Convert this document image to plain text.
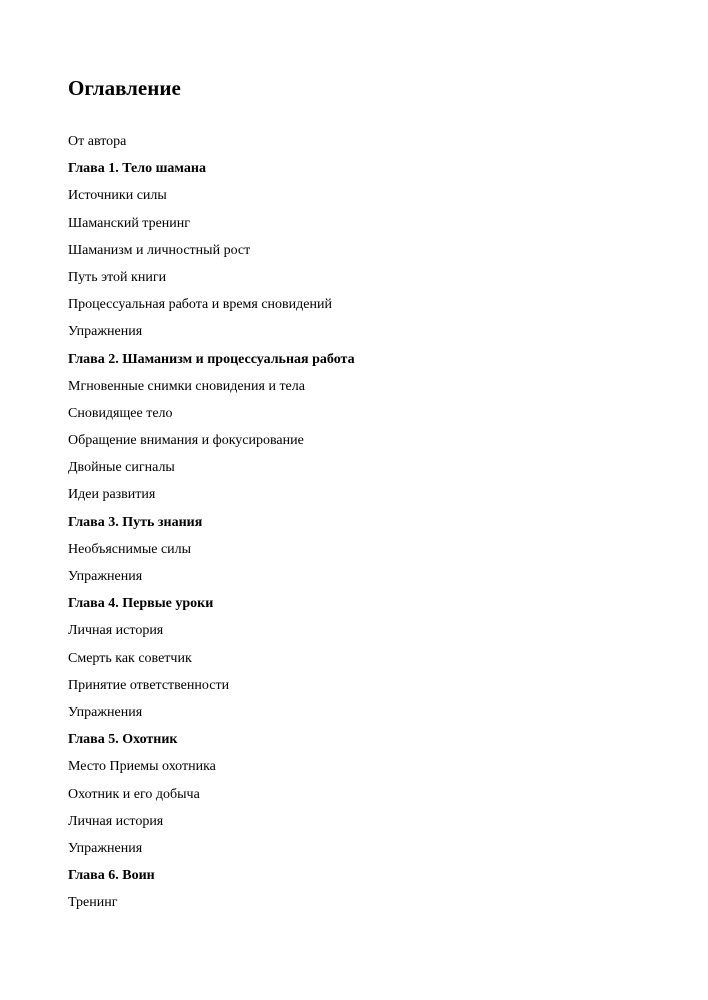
Оглавление
От автора
Глава 1. Тело шамана
Источники силы
Шаманский тренинг
Шаманизм и личностный рост
Путь этой книги
Процессуальная работа и время сновидений
Упражнения
Глава 2. Шаманизм и процессуальная работа
Мгновенные снимки сновидения и тела
Сновидящее тело
Обращение внимания и фокусирование
Двойные сигналы
Идеи развития
Глава 3. Путь знания
Необъяснимые силы
Упражнения
Глава 4. Первые уроки
Личная история
Смерть как советчик
Принятие ответственности
Упражнения
Глава 5. Охотник
Место Приемы охотника
Охотник и его добыча
Личная история
Упражнения
Глава 6. Воин
Тренинг
